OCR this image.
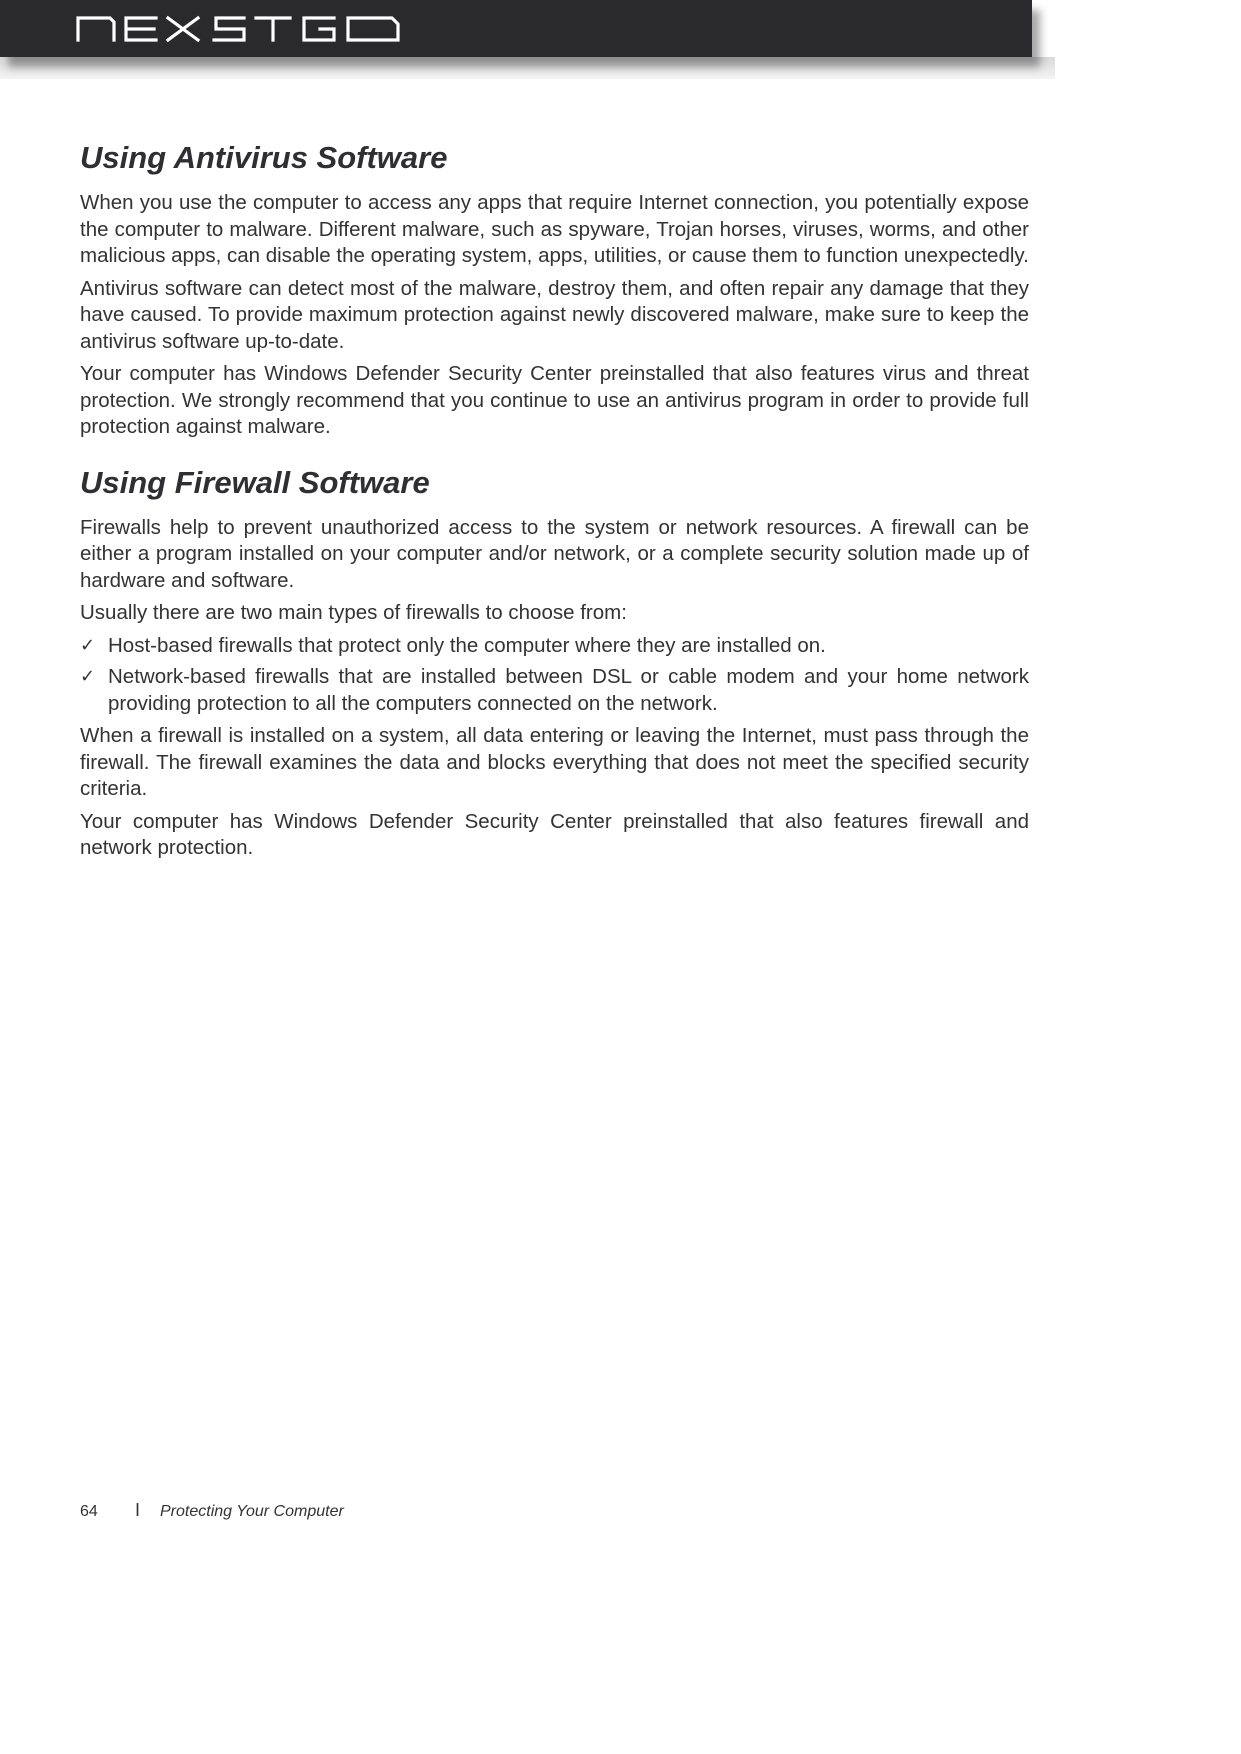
Using Antivirus Software

When you use the computer to access any apps that require Internet connection, you potentially expose the computer to malware. Different malware, such as spyware, Trojan horses, viruses, worms, and other malicious apps, can disable the operating system, apps, utilities, or cause them to function unexpectedly.

Antivirus software can detect most of the malware, destroy them, and often repair any damage that they have caused. To provide maximum protection against newly discovered malware, make sure to keep the antivirus software up-to-date.

Your computer has Windows Defender Security Center preinstalled that also features virus and threat protection. We strongly recommend that you continue to use an antivirus program in order to provide full protection against malware.

Using Firewall Software

Firewalls help to prevent unauthorized access to the system or network resources. A firewall can be either a program installed on your computer and/or network, or a complete security solution made up of hardware and software.

Usually there are two main types of firewalls to choose from:

✓ Host-based firewalls that protect only the computer where they are installed on.
✓ Network-based firewalls that are installed between DSL or cable modem and your home network providing protection to all the computers connected on the network.

When a firewall is installed on a system, all data entering or leaving the Internet, must pass through the firewall. The firewall examines the data and blocks everything that does not meet the specified security criteria.

Your computer has Windows Defender Security Center preinstalled that also features firewall and network protection.

64 I Protecting Your Computer
